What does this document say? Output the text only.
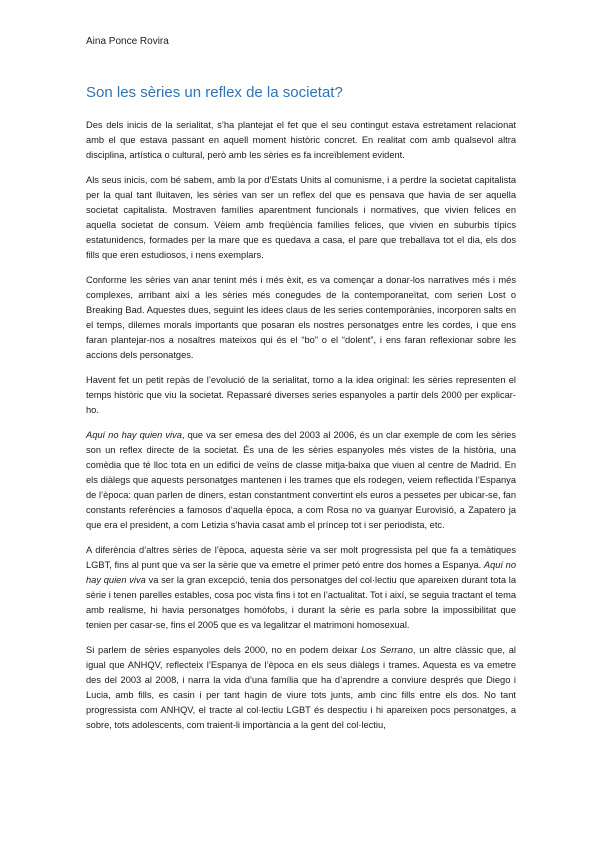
Aina Ponce Rovira
Son les sèries un reflex de la societat?

Des dels inicis de la serialitat, s’ha plantejat el fet que el seu contingut estava estretament relacionat amb el que estava passant en aquell moment històric concret. En realitat com amb qualsevol altra disciplina, artística o cultural, però amb les sèries es fa increïblement evident.

Als seus inicis, com bé sabem, amb la por d’Estats Units al comunisme, i a perdre la societat capitalista per la qual tant lluitaven, les sèries van ser un reflex del que es pensava que havia de ser aquella societat capitalista. Mostraven famílies aparentment funcionals i normatives, que vivien felices en aquella societat de consum. Vèiem amb freqüència famílies felices, que vivien en suburbis típics estatunidencs, formades per la mare que es quedava a casa, el pare que treballava tot el dia, els dos fills que eren estudiosos, i nens exemplars.

Conforme les sèries van anar tenint més i més èxit, es va començar a donar-los narratives més i més complexes, arribant així a les sèries més conegudes de la contemporaneïtat, com serien Lost o Breaking Bad. Aquestes dues, seguint les idees claus de les series contemporànies, incorporen salts en el temps, dilemes morals importants que posaran els nostres personatges entre les cordes, i que ens faran plantejar-nos a nosaltres mateixos qui és el “bo” o el “dolent”, i ens faran reflexionar sobre les accions dels personatges.

Havent fet un petit repàs de l’evolució de la serialitat, torno a la idea original: les sèries representen el temps històric que viu la societat. Repassaré diverses series espanyoles a partir dels 2000 per explicar-ho.

Aquí no hay quien viva, que va ser emesa des del 2003 al 2006, és un clar exemple de com les sèries son un reflex directe de la societat. És una de les sèries espanyoles més vistes de la història, una comèdia que té lloc tota en un edifici de veïns de classe mitja-baixa que viuen al centre de Madrid. En els diàlegs que aquests personatges mantenen i les trames que els rodegen, veiem reflectida l’Espanya de l’època: quan parlen de diners, estan constantment convertint els euros a pessetes per ubicar-se, fan constants referències a famosos d’aquella època, a com Rosa no va guanyar Eurovisió, a Zapatero ja que era el president, a com Letizia s’havia casat amb el príncep tot i ser periodista, etc.

A diferència d’altres sèries de l’època, aquesta sèrie va ser molt progressista pel que fa a temàtiques LGBT, fins al punt que va ser la sèrie que va emetre el primer petó entre dos homes a Espanya. Aquí no hay quien viva va ser la gran excepció, tenia dos personatges del col·lectiu que apareixen durant tota la sèrie i tenen parelles estables, cosa poc vista fins i tot en l’actualitat. Tot i així, se seguia tractant el tema amb realisme, hi havia personatges homòfobs, i durant la sèrie es parla sobre la impossibilitat que tenien per casar-se, fins el 2005 que es va legalitzar el matrimoni homosexual.

Si parlem de sèries espanyoles dels 2000, no en podem deixar Los Serrano, un altre clàssic que, al igual que ANHQV, reflecteix l’Espanya de l’època en els seus diàlegs i trames. Aquesta es va emetre des del 2003 al 2008, i narra la vida d’una família que ha d’aprendre a conviure després que Diego i Lucia, amb fills, es casin i per tant hagin de viure tots junts, amb cinc fills entre els dos. No tant progressista com ANHQV, el tracte al col·lectiu LGBT és despectiu i hi apareixen pocs personatges, a sobre, tots adolescents, com traient-li importància a la gent del col·lectiu,
